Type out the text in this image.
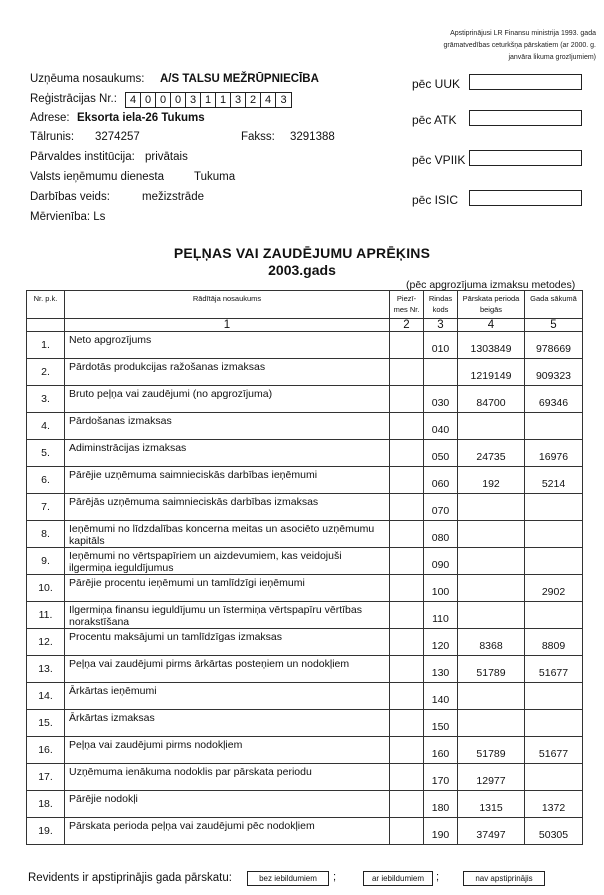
Apstiprinājusi LR Finansu ministrija 1993. gada grāmatvedības ceturkšņa pārskatiem (ar 2000. g. janvāra likuma grozījumiem)
Uzņēuma nosaukums: A/S TALSU MEŽRŪPNIECĪBA
Reģistrācijas Nr.:	4 0 0 0 3 1 1 3 2 4 3
Adrese: Eksorta iela-26 Tukums
Tālrunis: 3274257	Fakss: 3291388
Pārvaldes institūcija: privātais
Valsts ieņēmumu dienesta	Tukuma
Darbības veids:	mežizstrāde
Mērvienība: Ls
pēc UUK
pēc ATK
pēc VPIIK
pēc ISIC
PEĻŅAS VAI ZAUDĒJUMU APRĒĶINS
2003.gads
(pēc apgrozījuma izmaksu metodes)
Nr. p.k.	Rādītāja nosaukums	Piezī- mes Nr.	Rindas kods	Pārskata perioda beigās	Gada sākumā
	1	2	3	4	5
1.	Neto apgrozījums		010	1303849	978669
2.	Pārdotās produkcijas ražošanas izmaksas			1219149	909323
3.	Bruto peļņa vai zaudējumi (no apgrozījuma)		030	84700	69346
4.	Pārdošanas izmaksas		040		
5.	Adiminstrācijas izmaksas		050	24735	16976
6.	Pārējie uzņēmuma saimnieciskās darbības ieņēmumi		060	192	5214
7.	Pārējās uzņēmuma saimnieciskās darbības izmaksas		070		
8.	Ieņēmumi no līdzdalības koncerna meitas un asociēto uzņēmumu kapitāls		080		
9.	Ieņēmumi no vērtspapīriem un aizdevumiem, kas veidojuši ilgermiņa ieguldījumus		090		
10.	Pārējie procentu ieņēmumi un tamlīdzīgi ieņēmumi		100		2902
11.	Ilgermiņa finansu ieguldījumu un īstermiņa vērtspapīru vērtības norakstīšana		110		
12.	Procentu maksājumi un tamlīdzīgas izmaksas		120	8368	8809
13.	Peļņa vai zaudējumi pirms ārkārtas posteņiem un nodokļiem		130	51789	51677
14.	Ārkārtas ieņēmumi		140		
15.	Ārkārtas izmaksas		150		
16.	Peļņa vai zaudējumi pirms nodokļiem		160	51789	51677
17.	Uzņēmuma ienākuma nodoklis par pārskata periodu		170	12977	
18.	Pārējie nodokļi		180	1315	1372
19.	Pārskata perioda peļņa vai zaudējumi pēc nodokļiem		190	37497	50305
Revidents ir apstiprinājis gada pārskatu:	bez iebildumiem	;	ar iebildumiem	;	nav apstiprinājis
